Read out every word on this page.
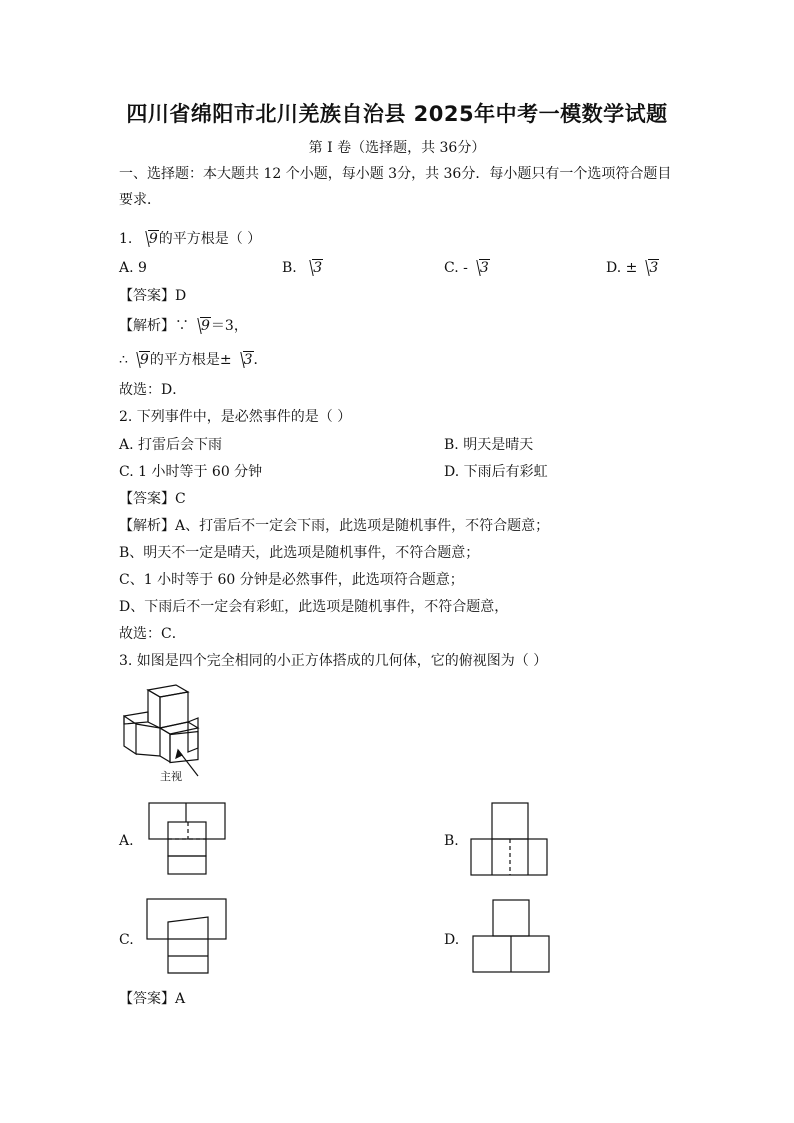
四川省绵阳市北川羌族自治县 2025年中考一模数学试题
第 I 卷（选择题，共 36分）
一、选择题：本大题共 12 个小题，每小题 3分，共 36分．每小题只有一个选项符合题目
要求．
1. 9的平方根是（ ）
A. 9	B. 3	C. - 3	D. ± 3
【答案】D
【解析】∵ 9＝3，
∴ 9的平方根是± 3．
故选：D．
2. 下列事件中，是必然事件的是（ ）
A. 打雷后会下雨	B. 明天是晴天
C. 1 小时等于 60 分钟	D. 下雨后有彩虹
【答案】C
【解析】A、打雷后不一定会下雨，此选项是随机事件，不符合题意；
B、明天不一定是晴天，此选项是随机事件，不符合题意；
C、1 小时等于 60 分钟是必然事件，此选项符合题意；
D、下雨后不一定会有彩虹，此选项是随机事件，不符合题意，
故选：C．
3. 如图是四个完全相同的小正方体搭成的几何体，它的俯视图为（ ）
主视
A.	B.
C.	D.
【答案】A
